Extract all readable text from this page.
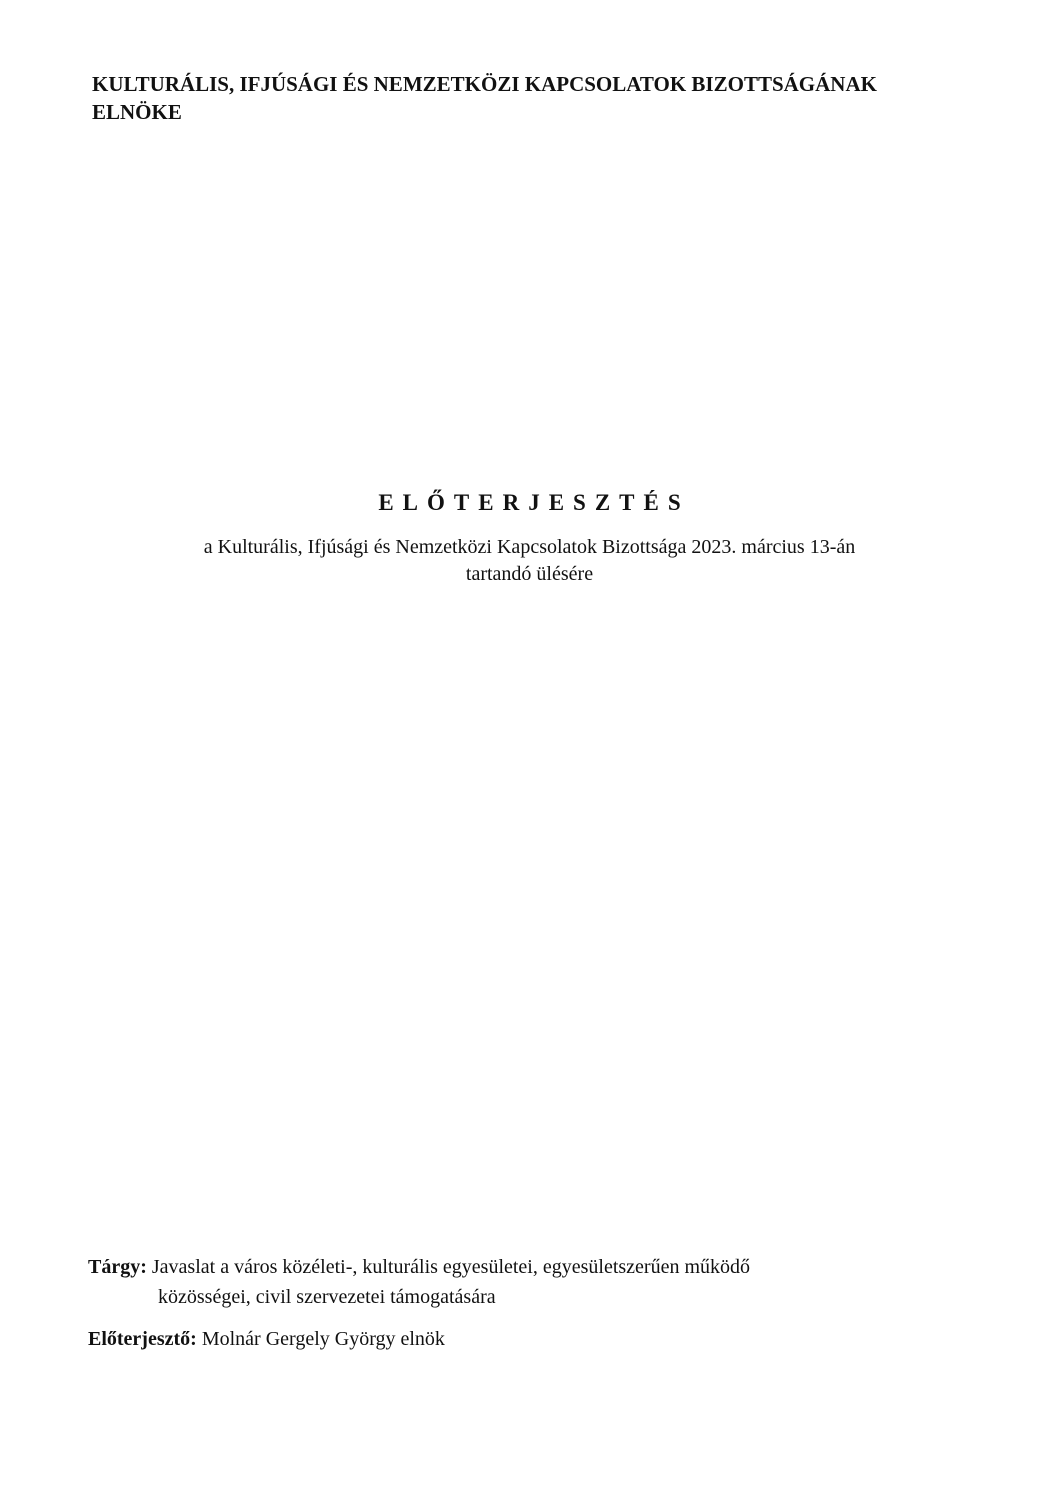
KULTURÁLIS, IFJÚSÁGI ÉS NEMZETKÖZI KAPCSOLATOK BIZOTTSÁGÁNAK
ELNÖKE
ELŐTERJESZTÉS
a Kulturális, Ifjúsági és Nemzetközi Kapcsolatok Bizottsága 2023. március 13-án
tartandó ülésére
Tárgy: Javaslat a város közéleti-, kulturális egyesületei, egyesületszerűen működő
közösségei, civil szervezetei támogatására
Előterjesztő: Molnár Gergely György elnök
